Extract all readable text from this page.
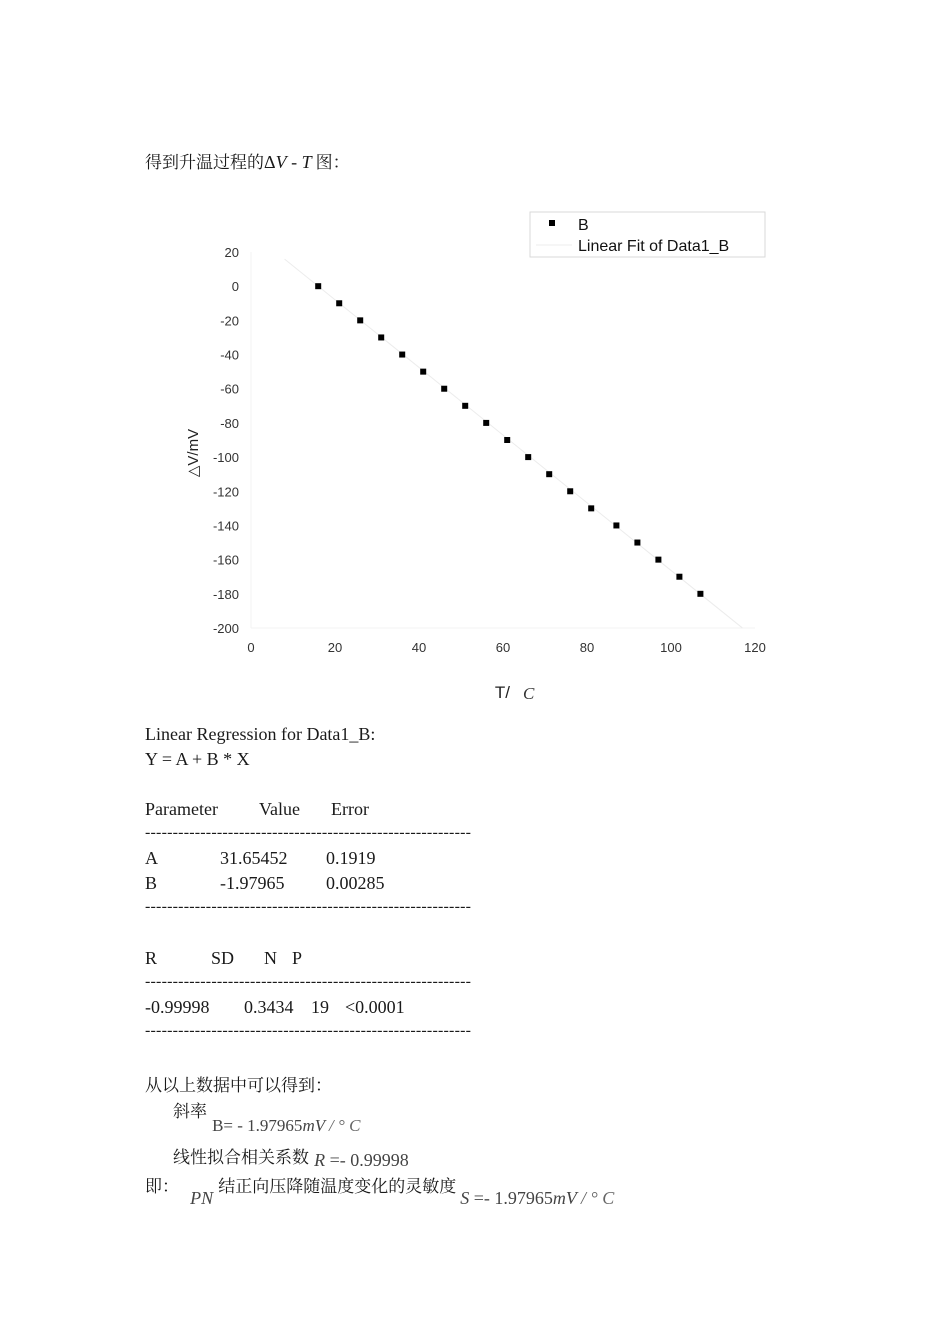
得到升温过程的ΔV - T 图：
0	20	40	60	80	100	120
20
0
-20
-40
-60
-80
-100
-120
-140
-160
-180
-200
△V/mV
T/ C
B
Linear Fit of Data1_B
Linear Regression for Data1_B:
Y = A + B * X
Parameter Value Error
-----------------------------------------------------------
A	31.65452 0.1919
B	-1.97965 0.00285
-----------------------------------------------------------
R	SD N P
-----------------------------------------------------------
-0.99998 0.3434 19 <0.0001
-----------------------------------------------------------
从以上数据中可以得到：
斜率 B= - 1.97965mV / ° C
线性拟合相关系数 R =- 0.99998
即： PN 结正向压降随温度变化的灵敏度S =- 1.97965mV / ° C
